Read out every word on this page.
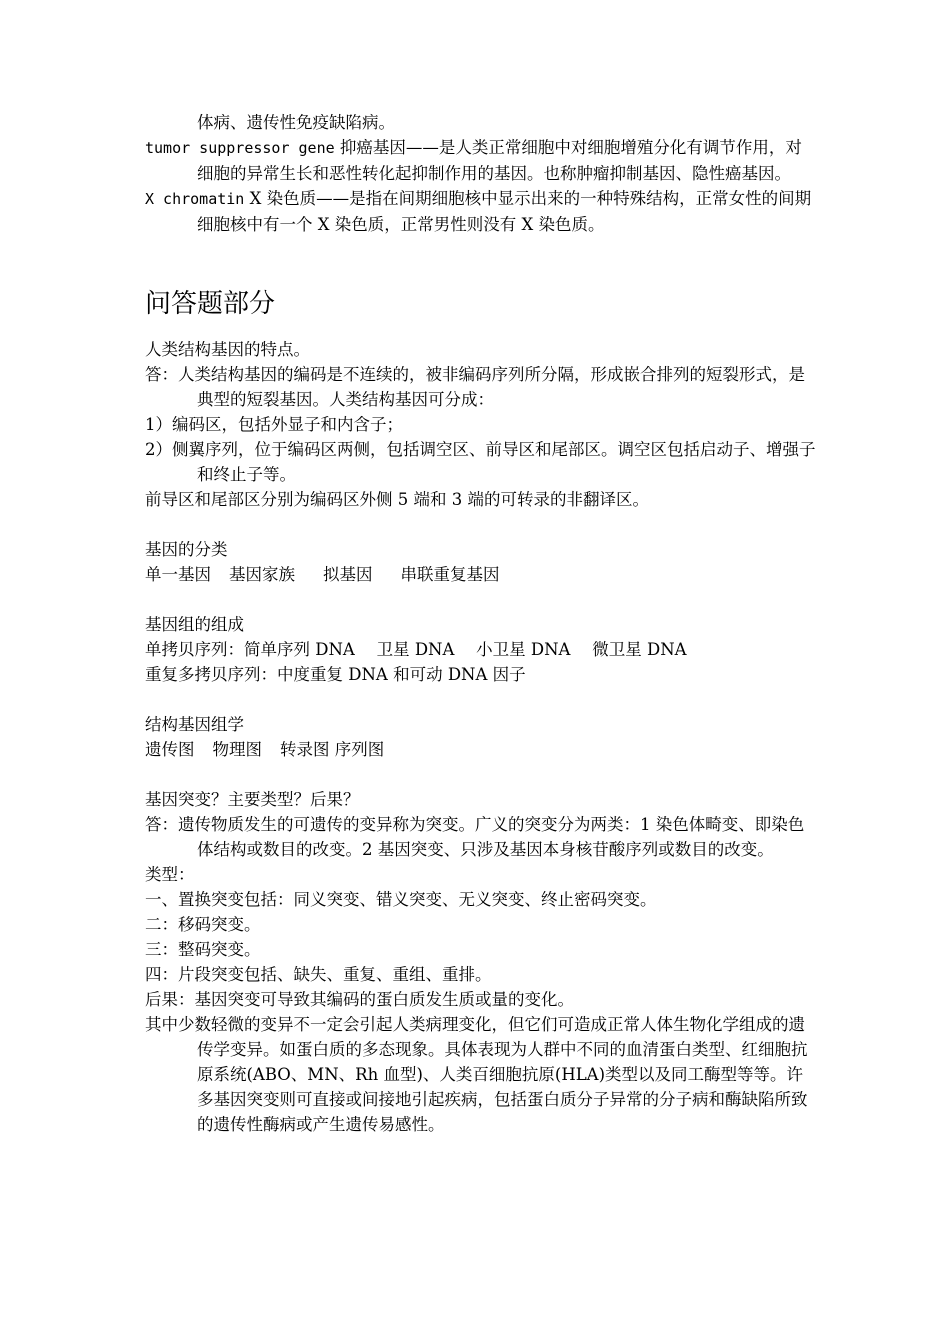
体病、遗传性免疫缺陷病。

tumor suppressor gene 抑癌基因——是人类正常细胞中对细胞增殖分化有调节作用，对细胞的异常生长和恶性转化起抑制作用的基因。也称肿瘤抑制基因、隐性癌基因。

X chromatin X 染色质——是指在间期细胞核中显示出来的一种特殊结构，正常女性的间期细胞核中有一个 X 染色质，正常男性则没有 X 染色质。

问答题部分

人类结构基因的特点。

答：人类结构基因的编码是不连续的，被非编码序列所分隔，形成嵌合排列的短裂形式，是典型的短裂基因。人类结构基因可分成：

1）编码区，包括外显子和内含子；

2）侧翼序列，位于编码区两侧，包括调空区、前导区和尾部区。调空区包括启动子、增强子和终止子等。

前导区和尾部区分别为编码区外侧 5 端和 3 端的可转录的非翻译区。

基因的分类

单一基因 基因家族 拟基因 串联重复基因

基因组的组成

单拷贝序列：简单序列 DNA　 卫星 DNA　 小卫星 DNA　 微卫星 DNA

重复多拷贝序列：中度重复 DNA 和可动 DNA 因子

结构基因组学

遗传图 物理图 转录图 序列图

基因突变？主要类型？后果？

答：遗传物质发生的可遗传的变异称为突变。广义的突变分为两类：1 染色体畸变、即染色体结构或数目的改变。2 基因突变、只涉及基因本身核苷酸序列或数目的改变。

类型：

一、置换突变包括：同义突变、错义突变、无义突变、终止密码突变。

二：移码突变。

三：整码突变。

四：片段突变包括、缺失、重复、重组、重排。

后果：基因突变可导致其编码的蛋白质发生质或量的变化。

其中少数轻微的变异不一定会引起人类病理变化，但它们可造成正常人体生物化学组成的遗传学变异。如蛋白质的多态现象。具体表现为人群中不同的血清蛋白类型、红细胞抗原系统(ABO、MN、Rh 血型)、人类百细胞抗原(HLA)类型以及同工酶型等等。许多基因突变则可直接或间接地引起疾病，包括蛋白质分子异常的分子病和酶缺陷所致的遗传性酶病或产生遗传易感性。
